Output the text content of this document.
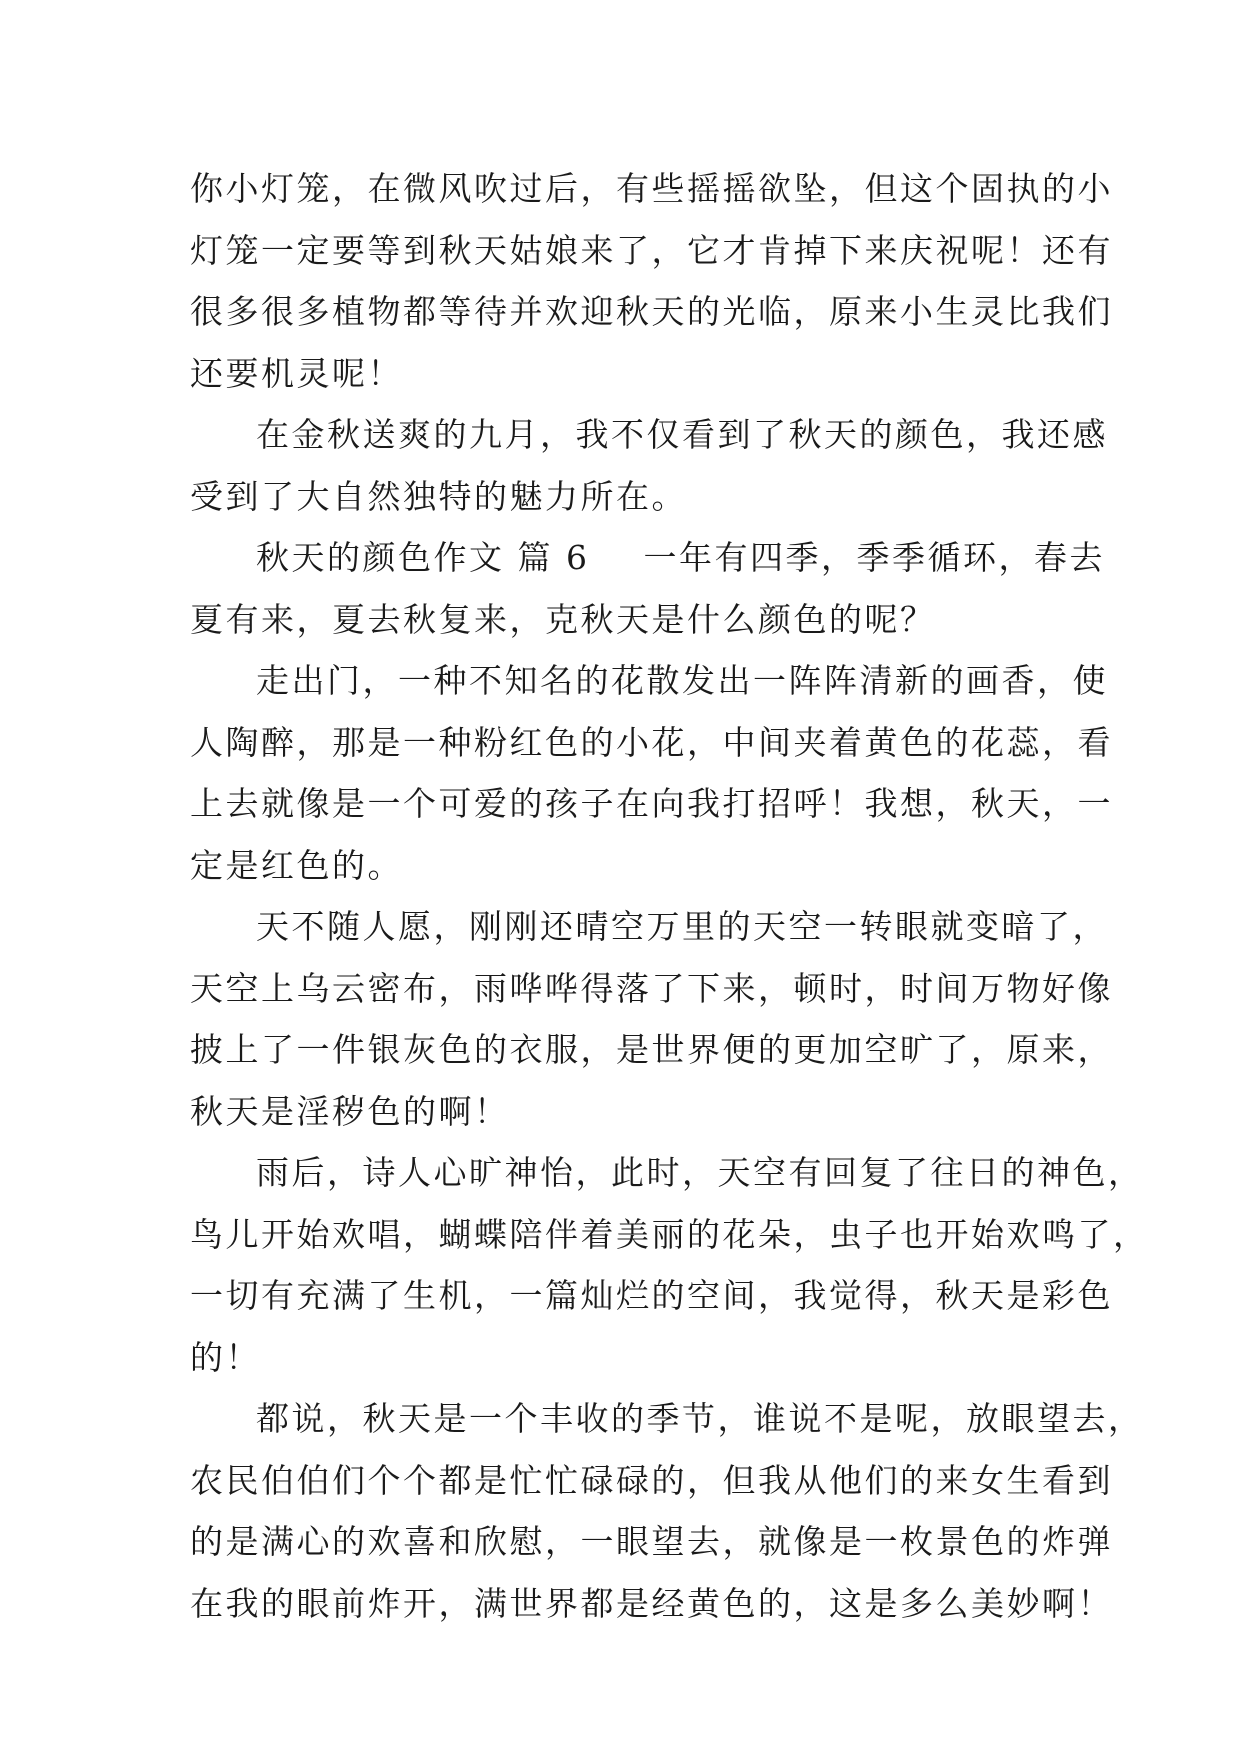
你小灯笼，在微风吹过后，有些摇摇欲坠，但这个固执的小
灯笼一定要等到秋天姑娘来了，它才肯掉下来庆祝呢！还有
很多很多植物都等待并欢迎秋天的光临，原来小生灵比我们
还要机灵呢！
在金秋送爽的九月，我不仅看到了秋天的颜色，我还感
受到了大自然独特的魅力所在。
秋天的颜色作文 篇 6 一年有四季，季季循环，春去
夏有来，夏去秋复来，克秋天是什么颜色的呢？
走出门，一种不知名的花散发出一阵阵清新的画香，使
人陶醉，那是一种粉红色的小花，中间夹着黄色的花蕊，看
上去就像是一个可爱的孩子在向我打招呼！我想，秋天，一
定是红色的。
天不随人愿，刚刚还晴空万里的天空一转眼就变暗了，
天空上乌云密布，雨哗哗得落了下来，顿时，时间万物好像
披上了一件银灰色的衣服，是世界便的更加空旷了，原来，
秋天是淫秽色的啊！
雨后，诗人心旷神怡，此时，天空有回复了往日的神色，
鸟儿开始欢唱，蝴蝶陪伴着美丽的花朵，虫子也开始欢鸣了，
一切有充满了生机，一篇灿烂的空间，我觉得，秋天是彩色
的！
都说，秋天是一个丰收的季节，谁说不是呢，放眼望去，
农民伯伯们个个都是忙忙碌碌的，但我从他们的来女生看到
的是满心的欢喜和欣慰，一眼望去，就像是一枚景色的炸弹
在我的眼前炸开，满世界都是经黄色的，这是多么美妙啊！
